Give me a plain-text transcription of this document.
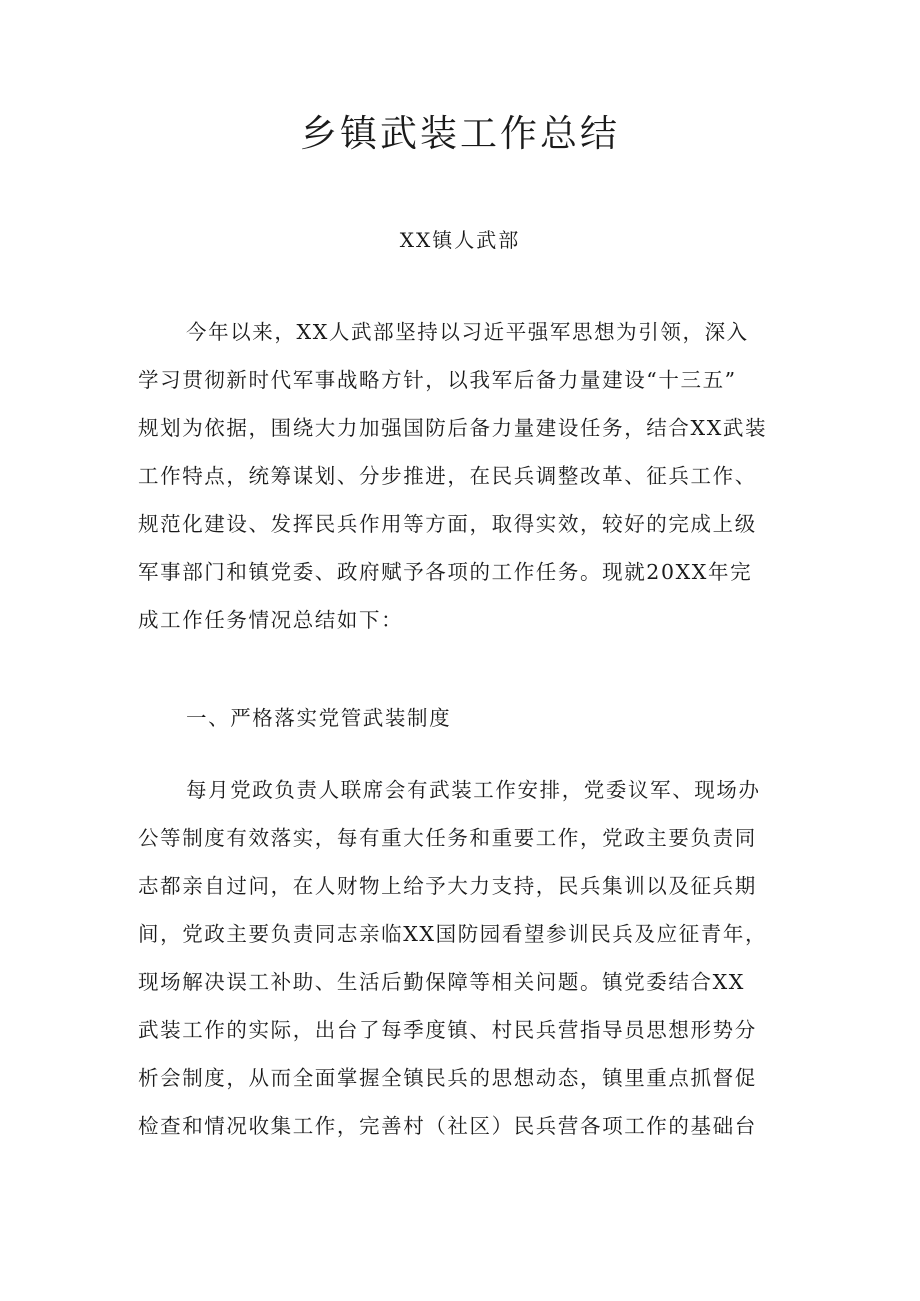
乡镇武装工作总结
XX镇人武部
今年以来，XX人武部坚持以习近平强军思想为引领，深入
学习贯彻新时代军事战略方针，以我军后备力量建设“十三五”
规划为依据，围绕大力加强国防后备力量建设任务，结合XX武装
工作特点，统筹谋划、分步推进，在民兵调整改革、征兵工作、
规范化建设、发挥民兵作用等方面，取得实效，较好的完成上级
军事部门和镇党委、政府赋予各项的工作任务。现就20XX年完
成工作任务情况总结如下：
一、严格落实党管武装制度
每月党政负责人联席会有武装工作安排，党委议军、现场办
公等制度有效落实，每有重大任务和重要工作，党政主要负责同
志都亲自过问，在人财物上给予大力支持，民兵集训以及征兵期
间，党政主要负责同志亲临XX国防园看望参训民兵及应征青年，
现场解决误工补助、生活后勤保障等相关问题。镇党委结合XX
武装工作的实际，出台了每季度镇、村民兵营指导员思想形势分
析会制度，从而全面掌握全镇民兵的思想动态，镇里重点抓督促
检查和情况收集工作，完善村（社区）民兵营各项工作的基础台
